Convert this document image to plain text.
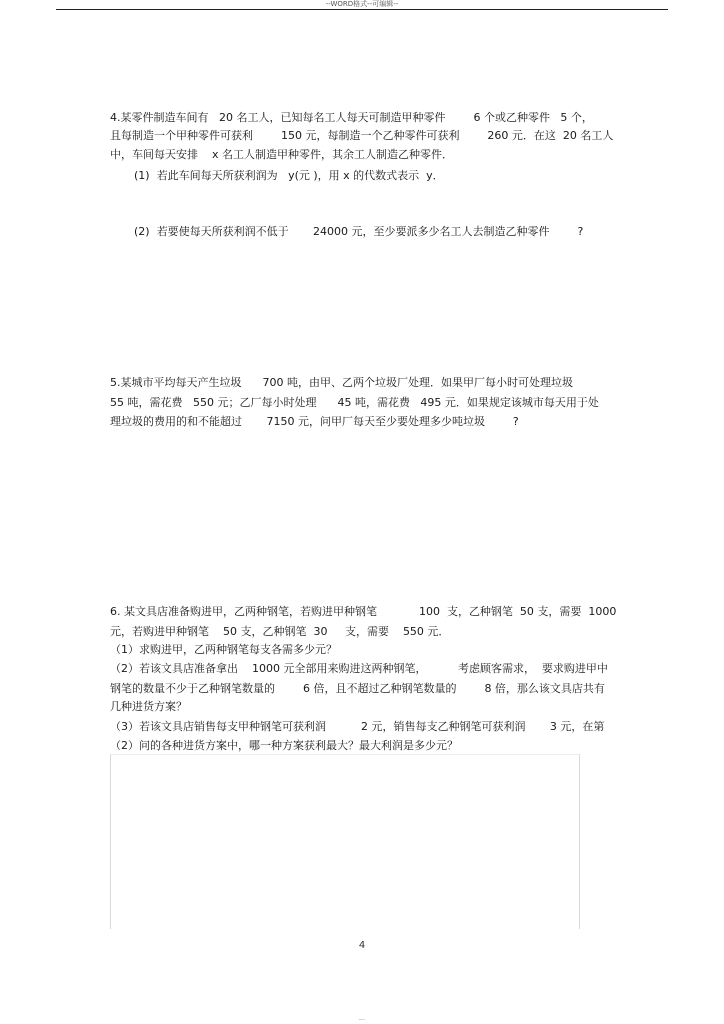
--WORD格式--可编辑--
4.某零件制造车间有   20 名工人，已知每名工人每天可制造甲种零件        6 个或乙种零件   5 个，
且每制造一个甲种零件可获利        150 元，每制造一个乙种零件可获利        260 元．在这  20 名工人
中，车间每天安排    x 名工人制造甲种零件，其余工人制造乙种零件．
(1)  若此车间每天所获利润为   y(元 )，用 x 的代数式表示  y．
(2)  若要使每天所获利润不低于       24000 元，至少要派多少名工人去制造乙种零件        ?
5.某城市平均每天产生垃圾      700 吨，由甲、乙两个垃圾厂处理．如果甲厂每小时可处理垃圾
55 吨，需花费   550 元；乙厂每小时处理      45 吨，需花费   495 元．如果规定该城市每天用于处
理垃圾的费用的和不能超过       7150 元，问甲厂每天至少要处理多少吨垃圾        ?
6. 某文具店准备购进甲，乙两种钢笔，若购进甲种钢笔            100  支，乙种钢笔  50 支，需要  1000
元，若购进甲种钢笔    50 支，乙种钢笔  30     支，需要    550 元．
（1）求购进甲，乙两种钢笔每支各需多少元？
（2）若该文具店准备拿出    1000 元全部用来购进这两种钢笔，         考虑顾客需求，  要求购进甲中
钢笔的数量不少于乙种钢笔数量的        6 倍，且不超过乙种钢笔数量的        8 倍，那么该文具店共有
几种进货方案？
（3）若该文具店销售每支甲种钢笔可获利润          2 元，销售每支乙种钢笔可获利润       3 元，在第
（2）问的各种进货方案中，哪一种方案获利最大？最大利润是多少元？
4
---
